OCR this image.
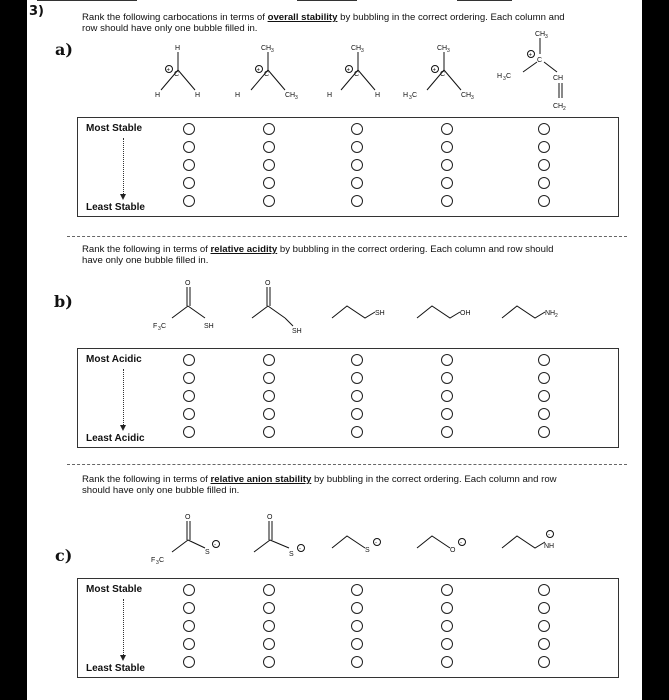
3)	Rank the following carbocations in terms of overall stability by bubbling in the correct ordering. Each column and row should have only one bubble filled in.
a)	H
H	H
+
C
CH 3
H	CH 3
+
C
CH 3
H	H
+
C
CH 3
H 3 C	CH 3
+
C
CH 3
C
+
H 3 C	CH
CH 2
Most Stable
Least Stable
Rank the following in terms of relative acidity by bubbling in the correct ordering. Each column and row should have only one bubble filled in.
b)
O
F 3 C	SH
O
SH
SH	OH	NH 2
Most Acidic
Least Acidic
Rank the following in terms of relative anion stability by bubbling in the correct ordering. Each column and row should have only one bubble filled in.
c)
O
F 3 C
S
-
O
S
-	S
-
O
-	NH
-
Most Stable
Least Stable
